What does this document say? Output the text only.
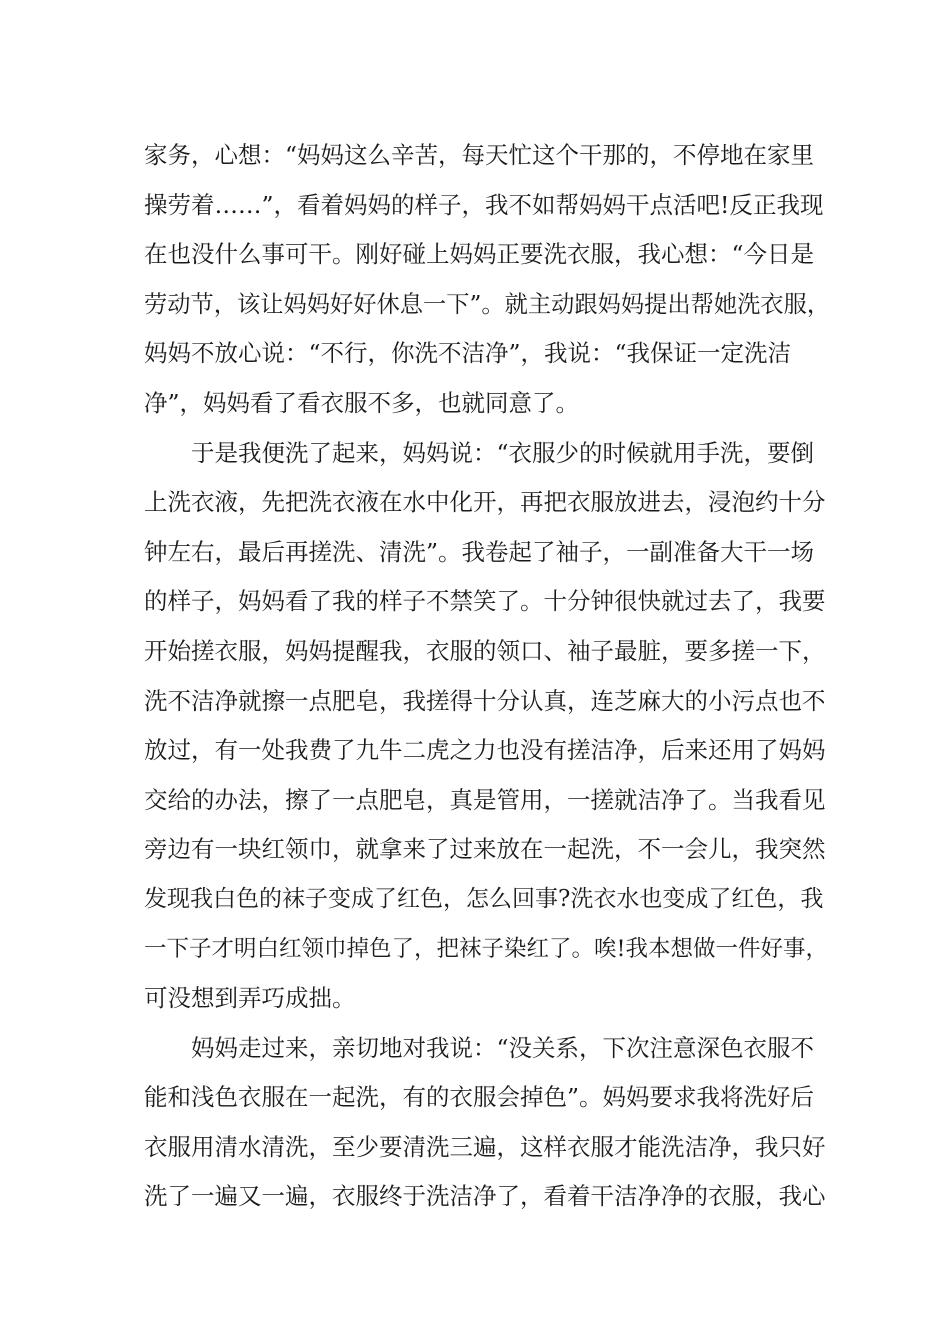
家务，心想：“妈妈这么辛苦，每天忙这个干那的，不停地在家里
操劳着……”，看着妈妈的样子，我不如帮妈妈干点活吧!反正我现
在也没什么事可干。刚好碰上妈妈正要洗衣服，我心想：“今日是
劳动节，该让妈妈好好休息一下”。就主动跟妈妈提出帮她洗衣服，
妈妈不放心说：“不行，你洗不洁净”，我说：“我保证一定洗洁
净”，妈妈看了看衣服不多，也就同意了。
于是我便洗了起来，妈妈说：“衣服少的时候就用手洗，要倒
上洗衣液，先把洗衣液在水中化开，再把衣服放进去，浸泡约十分
钟左右，最后再搓洗、清洗”。我卷起了袖子，一副准备大干一场
的样子，妈妈看了我的样子不禁笑了。十分钟很快就过去了，我要
开始搓衣服，妈妈提醒我，衣服的领口、袖子最脏，要多搓一下，
洗不洁净就擦一点肥皂，我搓得十分认真，连芝麻大的小污点也不
放过，有一处我费了九牛二虎之力也没有搓洁净，后来还用了妈妈
交给的办法，擦了一点肥皂，真是管用，一搓就洁净了。当我看见
旁边有一块红领巾，就拿来了过来放在一起洗，不一会儿，我突然
发现我白色的袜子变成了红色，怎么回事?洗衣水也变成了红色，我
一下子才明白红领巾掉色了，把袜子染红了。唉!我本想做一件好事，
可没想到弄巧成拙。
妈妈走过来，亲切地对我说：“没关系，下次注意深色衣服不
能和浅色衣服在一起洗，有的衣服会掉色”。妈妈要求我将洗好后
衣服用清水清洗，至少要清洗三遍，这样衣服才能洗洁净，我只好
洗了一遍又一遍，衣服终于洗洁净了，看着干洁净净的衣服，我心
